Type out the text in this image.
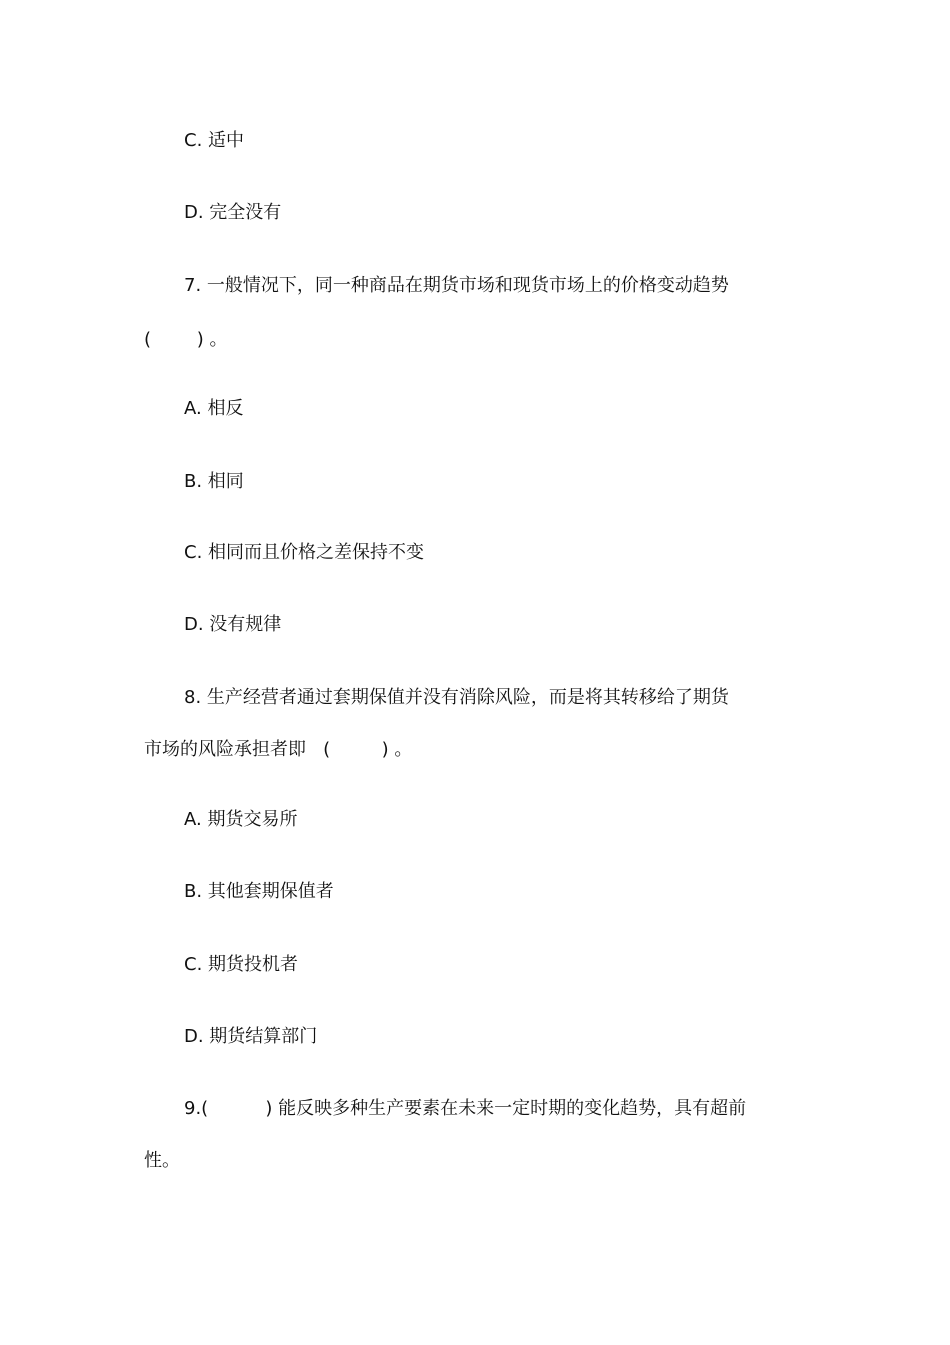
C. 适中
D. 完全没有
7. 一般情况下，同一种商品在期货市场和现货市场上的价格变动趋势
(        ) 。
A. 相反
B. 相同
C. 相同而且价格之差保持不变
D. 没有规律
8. 生产经营者通过套期保值并没有消除风险，而是将其转移给了期货
市场的风险承担者即   (         ) 。
A. 期货交易所
B. 其他套期保值者
C. 期货投机者
D. 期货结算部门
9.(          ) 能反映多种生产要素在未来一定时期的变化趋势，具有超前
性。
